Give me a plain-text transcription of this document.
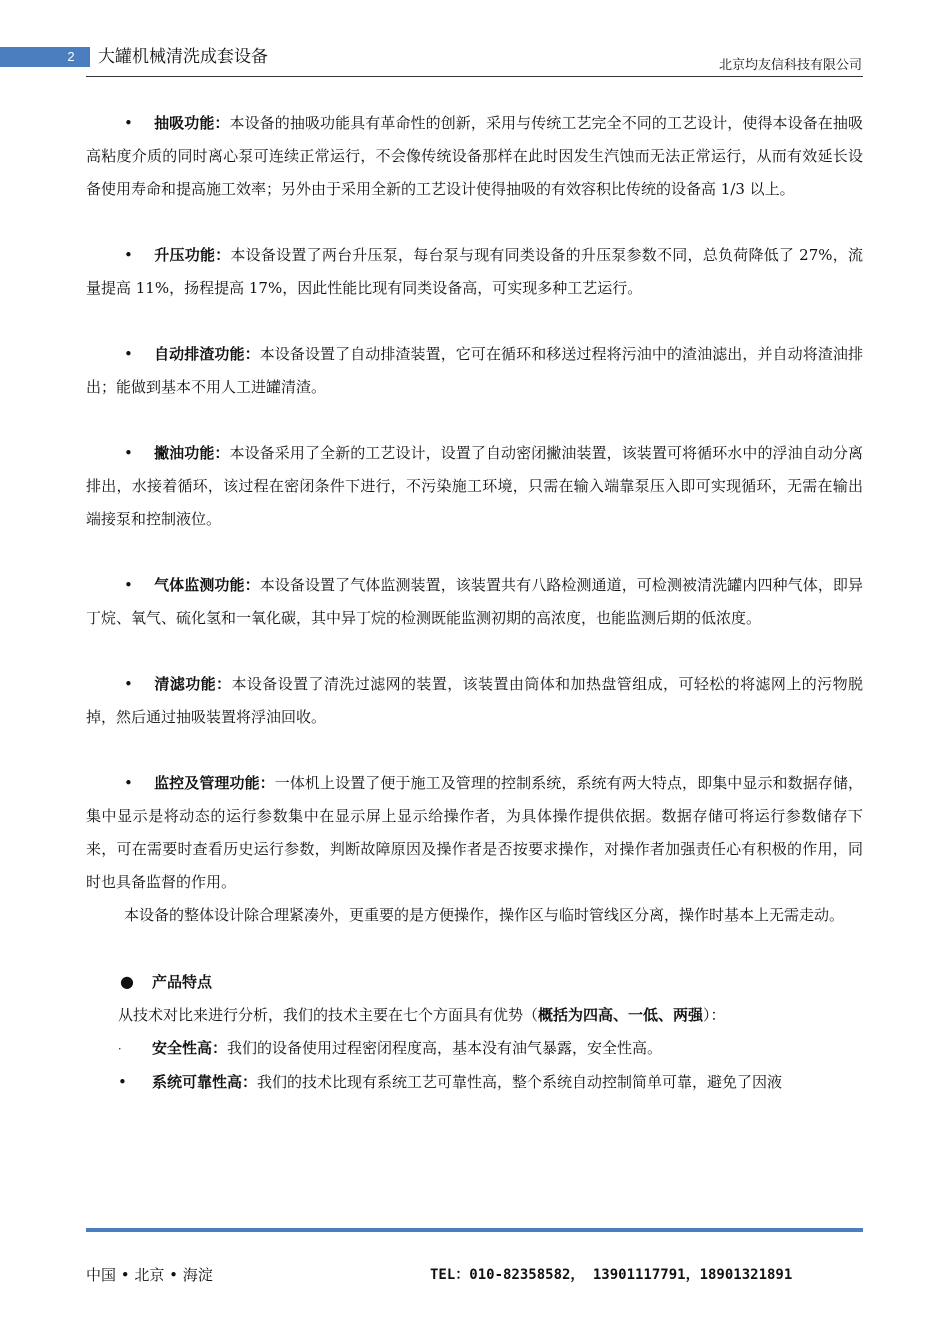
2	大罐机械清洗成套设备	北京均友信科技有限公司

• 抽吸功能：本设备的抽吸功能具有革命性的创新，采用与传统工艺完全不同的工艺设计，使得本设备在抽吸高粘度介质的同时离心泵可连续正常运行，不会像传统设备那样在此时因发生汽蚀而无法正常运行，从而有效延长设备使用寿命和提高施工效率；另外由于采用全新的工艺设计使得抽吸的有效容积比传统的设备高 1/3 以上。

• 升压功能：本设备设置了两台升压泵，每台泵与现有同类设备的升压泵参数不同，总负荷降低了 27%，流量提高 11%，扬程提高 17%，因此性能比现有同类设备高，可实现多种工艺运行。

• 自动排渣功能：本设备设置了自动排渣装置，它可在循环和移送过程将污油中的渣油滤出，并自动将渣油排出；能做到基本不用人工进罐清渣。

• 撇油功能：本设备采用了全新的工艺设计，设置了自动密闭撇油装置，该装置可将循环水中的浮油自动分离排出，水接着循环，该过程在密闭条件下进行，不污染施工环境，只需在输入端靠泵压入即可实现循环，无需在输出端接泵和控制液位。

• 气体监测功能：本设备设置了气体监测装置，该装置共有八路检测通道，可检测被清洗罐内四种气体，即异丁烷、氧气、硫化氢和一氧化碳，其中异丁烷的检测既能监测初期的高浓度，也能监测后期的低浓度。

• 清滤功能：本设备设置了清洗过滤网的装置，该装置由筒体和加热盘管组成，可轻松的将滤网上的污物脱掉，然后通过抽吸装置将浮油回收。

• 监控及管理功能：一体机上设置了便于施工及管理的控制系统，系统有两大特点，即集中显示和数据存储，集中显示是将动态的运行参数集中在显示屏上显示给操作者，为具体操作提供依据。数据存储可将运行参数储存下来，可在需要时查看历史运行参数，判断故障原因及操作者是否按要求操作，对操作者加强责任心有积极的作用，同时也具备监督的作用。

本设备的整体设计除合理紧凑外，更重要的是方便操作，操作区与临时管线区分离，操作时基本上无需走动。

● 产品特点

从技术对比来进行分析，我们的技术主要在七个方面具有优势（概括为四高、一低、两强）：

· 安全性高：我们的设备使用过程密闭程度高，基本没有油气暴露，安全性高。

• 系统可靠性高：我们的技术比现有系统工艺可靠性高，整个系统自动控制简单可靠，避免了因液

中国 • 北京 • 海淀	TEL：010-82358582， 13901117791，18901321891
